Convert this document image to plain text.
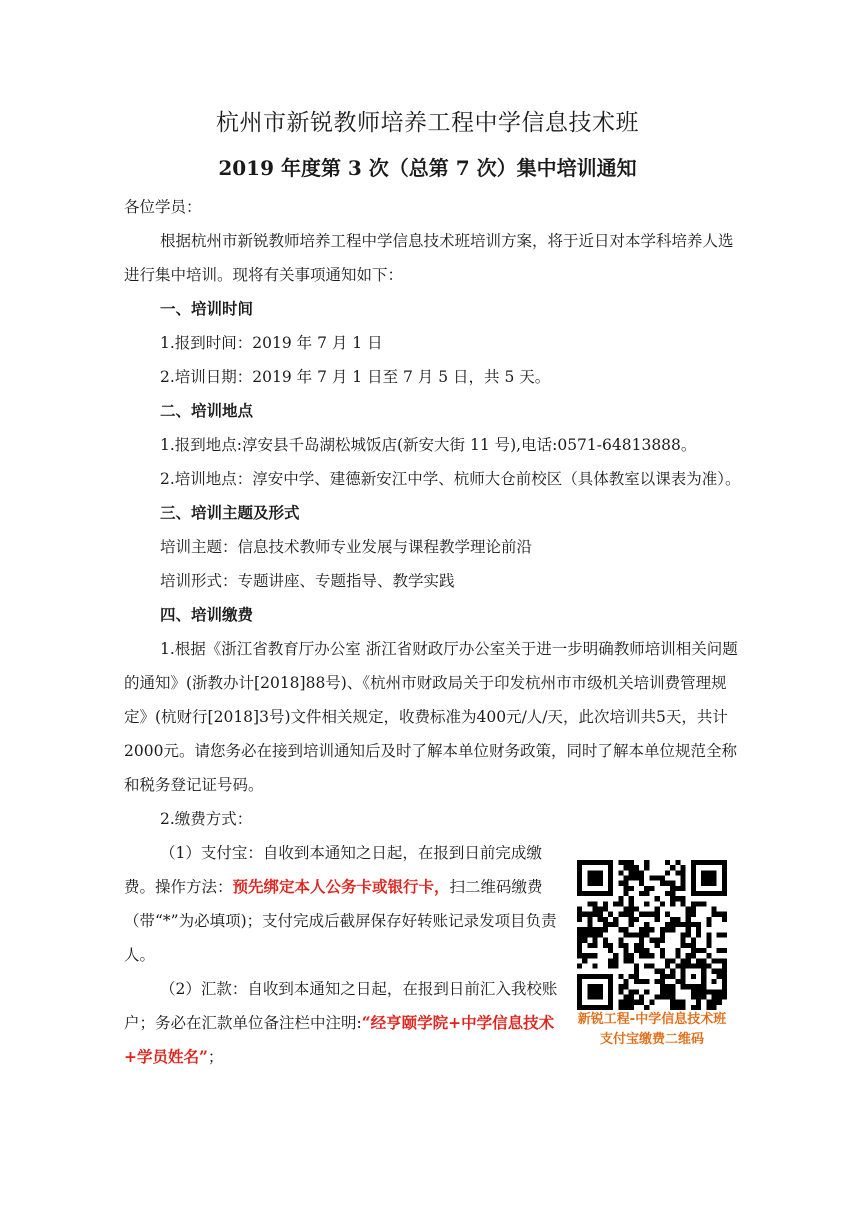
杭州市新锐教师培养工程中学信息技术班
2019 年度第 3 次（总第 7 次）集中培训通知

各位学员：

根据杭州市新锐教师培养工程中学信息技术班培训方案，将于近日对本学科培养人选进行集中培训。现将有关事项通知如下：

一、培训时间

1.报到时间：2019 年 7 月 1 日

2.培训日期：2019 年 7 月 1 日至 7 月 5 日，共 5 天。

二、培训地点

1.报到地点:淳安县千岛湖松城饭店(新安大街 11 号),电话:0571-64813888。

2.培训地点：淳安中学、建德新安江中学、杭师大仓前校区（具体教室以课表为准）。

三、培训主题及形式

培训主题：信息技术教师专业发展与课程教学理论前沿

培训形式：专题讲座、专题指导、教学实践

四、培训缴费

1.根据《浙江省教育厅办公室 浙江省财政厅办公室关于进一步明确教师培训相关问题的通知》(浙教办计[2018]88号)、《杭州市财政局关于印发杭州市市级机关培训费管理规定》(杭财行[2018]3号)文件相关规定，收费标准为400元/人/天，此次培训共5天，共计2000元。请您务必在接到培训通知后及时了解本单位财务政策，同时了解本单位规范全称和税务登记证号码。

2.缴费方式：

（1）支付宝：自收到本通知之日起，在报到日前完成缴费。操作方法：预先绑定本人公务卡或银行卡，扫二维码缴费（带“*”为必填项)；支付完成后截屏保存好转账记录发项目负责人。

（2）汇款：自收到本通知之日起，在报到日前汇入我校账户；务必在汇款单位备注栏中注明:“经亨颐学院+中学信息技术+学员姓名”；

新锐工程-中学信息技术班
支付宝缴费二维码
